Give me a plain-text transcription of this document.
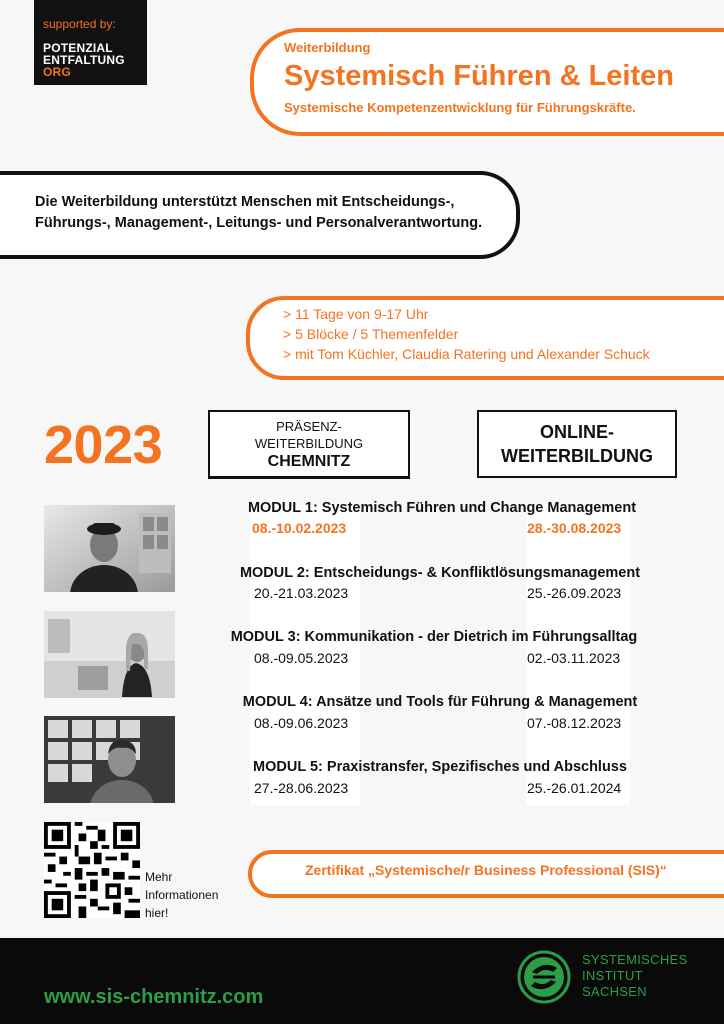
supported by:
POTENZIAL
ENTFALTUNG
ORG
Weiterbildung
Systemisch Führen & Leiten
Systemische Kompetenzentwicklung für Führungskräfte.
Die Weiterbildung unterstützt Menschen mit Entscheidungs-,
Führungs-, Management-, Leitungs- und Personalverantwortung.
> 11 Tage von 9-17 Uhr
> 5 Blöcke / 5 Themenfelder
> mit Tom Küchler, Claudia Ratering und Alexander Schuck
2023	PRÄSENZ-
WEITERBILDUNG
CHEMNITZ
ONLINE-
WEITERBILDUNG
MODUL 1: Systemisch Führen und Change Management
08.-10.02.2023	28.-30.08.2023
MODUL 2: Entscheidungs- & Konfliktlösungsmanagement
20.-21.03.2023	25.-26.09.2023
MODUL 3: Kommunikation - der Dietrich im Führungsalltag
08.-09.05.2023	02.-03.11.2023
MODUL 4: Ansätze und Tools für Führung & Management
08.-09.06.2023	07.-08.12.2023
MODUL 5: Praxistransfer, Spezifisches und Abschluss
27.-28.06.2023	25.-26.01.2024
Mehr
Informationen
hier!
Zertifikat „Systemische/r Business Professional (SIS)“
www.sis-chemnitz.com
SYSTEMISCHES
INSTITUT
SACHSEN
